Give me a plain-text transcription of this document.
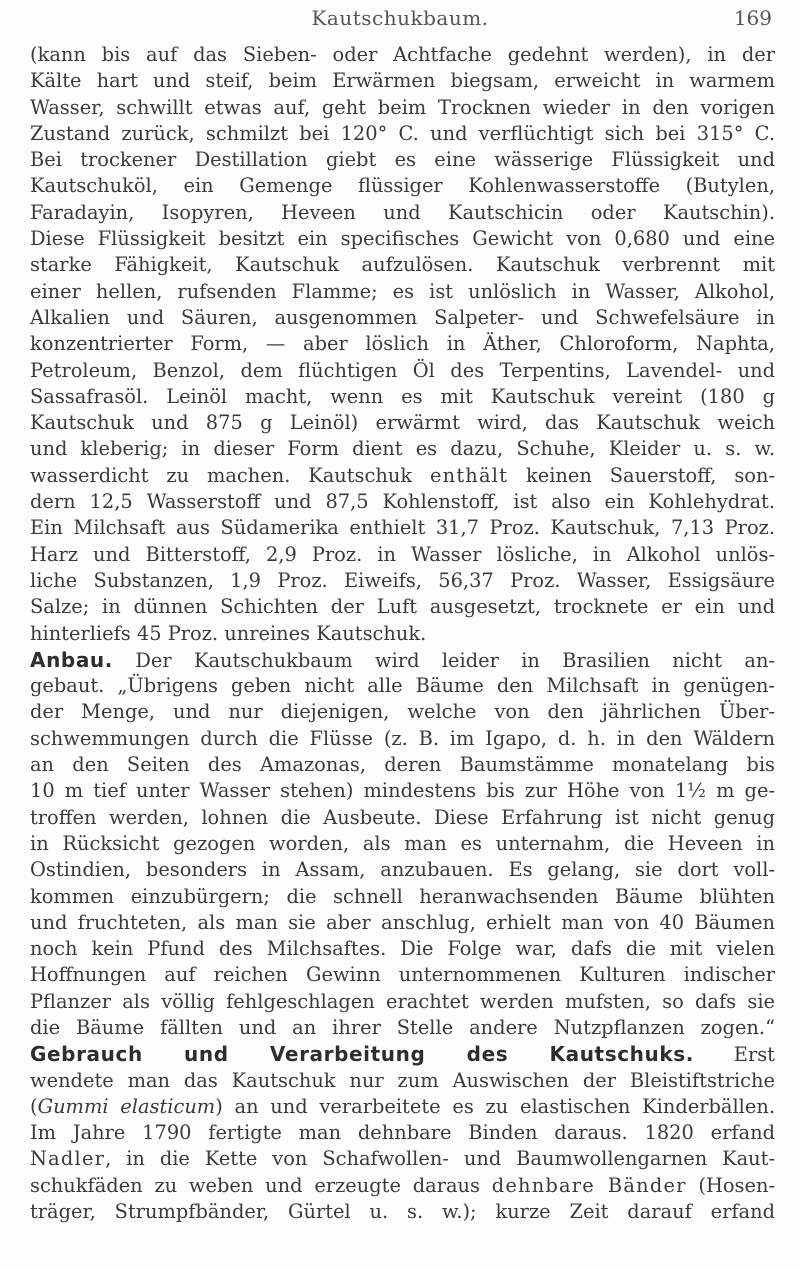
Kautschukbaum.	169
(kann bis auf das Sieben- oder Achtfache gedehnt werden), in der
Kälte hart und steif, beim Erwärmen biegsam, erweicht in warmem
Wasser, schwillt etwas auf, geht beim Trocknen wieder in den vorigen
Zustand zurück, schmilzt bei 120° C. und verflüchtigt sich bei 315° C.
Bei trockener Destillation giebt es eine wässerige Flüssigkeit und
Kautschuköl, ein Gemenge flüssiger Kohlenwasserstoffe (Butylen,
Faradayin, Isopyren, Heveen und Kautschicin oder Kautschin).
Diese Flüssigkeit besitzt ein specifisches Gewicht von 0,680 und eine
starke Fähigkeit, Kautschuk aufzulösen. Kautschuk verbrennt mit
einer hellen, rufsenden Flamme; es ist unlöslich in Wasser, Alkohol,
Alkalien und Säuren, ausgenommen Salpeter- und Schwefelsäure in
konzentrierter Form, — aber löslich in Äther, Chloroform, Naphta,
Petroleum, Benzol, dem flüchtigen Öl des Terpentins, Lavendel- und
Sassafrasöl. Leinöl macht, wenn es mit Kautschuk vereint (180 g
Kautschuk und 875 g Leinöl) erwärmt wird, das Kautschuk weich
und kleberig; in dieser Form dient es dazu, Schuhe, Kleider u. s. w.
wasserdicht zu machen. Kautschuk enthält keinen Sauerstoff, son-
dern 12,5 Wasserstoff und 87,5 Kohlenstoff, ist also ein Kohlehydrat.
Ein Milchsaft aus Südamerika enthielt 31,7 Proz. Kautschuk, 7,13 Proz.
Harz und Bitterstoff, 2,9 Proz. in Wasser lösliche, in Alkohol unlös-
liche Substanzen, 1,9 Proz. Eiweifs, 56,37 Proz. Wasser, Essigsäure
Salze; in dünnen Schichten der Luft ausgesetzt, trocknete er ein und
hinterliefs 45 Proz. unreines Kautschuk.
Anbau. Der Kautschukbaum wird leider in Brasilien nicht an-
gebaut. „Übrigens geben nicht alle Bäume den Milchsaft in genügen-
der Menge, und nur diejenigen, welche von den jährlichen Über-
schwemmungen durch die Flüsse (z. B. im Igapo, d. h. in den Wäldern
an den Seiten des Amazonas, deren Baumstämme monatelang bis
10 m tief unter Wasser stehen) mindestens bis zur Höhe von 1½ m ge-
troffen werden, lohnen die Ausbeute. Diese Erfahrung ist nicht genug
in Rücksicht gezogen worden, als man es unternahm, die Heveen in
Ostindien, besonders in Assam, anzubauen. Es gelang, sie dort voll-
kommen einzubürgern; die schnell heranwachsenden Bäume blühten
und fruchteten, als man sie aber anschlug, erhielt man von 40 Bäumen
noch kein Pfund des Milchsaftes. Die Folge war, dafs die mit vielen
Hoffnungen auf reichen Gewinn unternommenen Kulturen indischer
Pflanzer als völlig fehlgeschlagen erachtet werden mufsten, so dafs sie
die Bäume fällten und an ihrer Stelle andere Nutzpflanzen zogen.“
Gebrauch und Verarbeitung des Kautschuks. Erst
wendete man das Kautschuk nur zum Auswischen der Bleistiftstriche
(Gummi elasticum) an und verarbeitete es zu elastischen Kinderbällen.
Im Jahre 1790 fertigte man dehnbare Binden daraus. 1820 erfand
Nadler, in die Kette von Schafwollen- und Baumwollengarnen Kaut-
schukfäden zu weben und erzeugte daraus dehnbare Bänder (Hosen-
träger, Strumpfbänder, Gürtel u. s. w.); kurze Zeit darauf erfand
